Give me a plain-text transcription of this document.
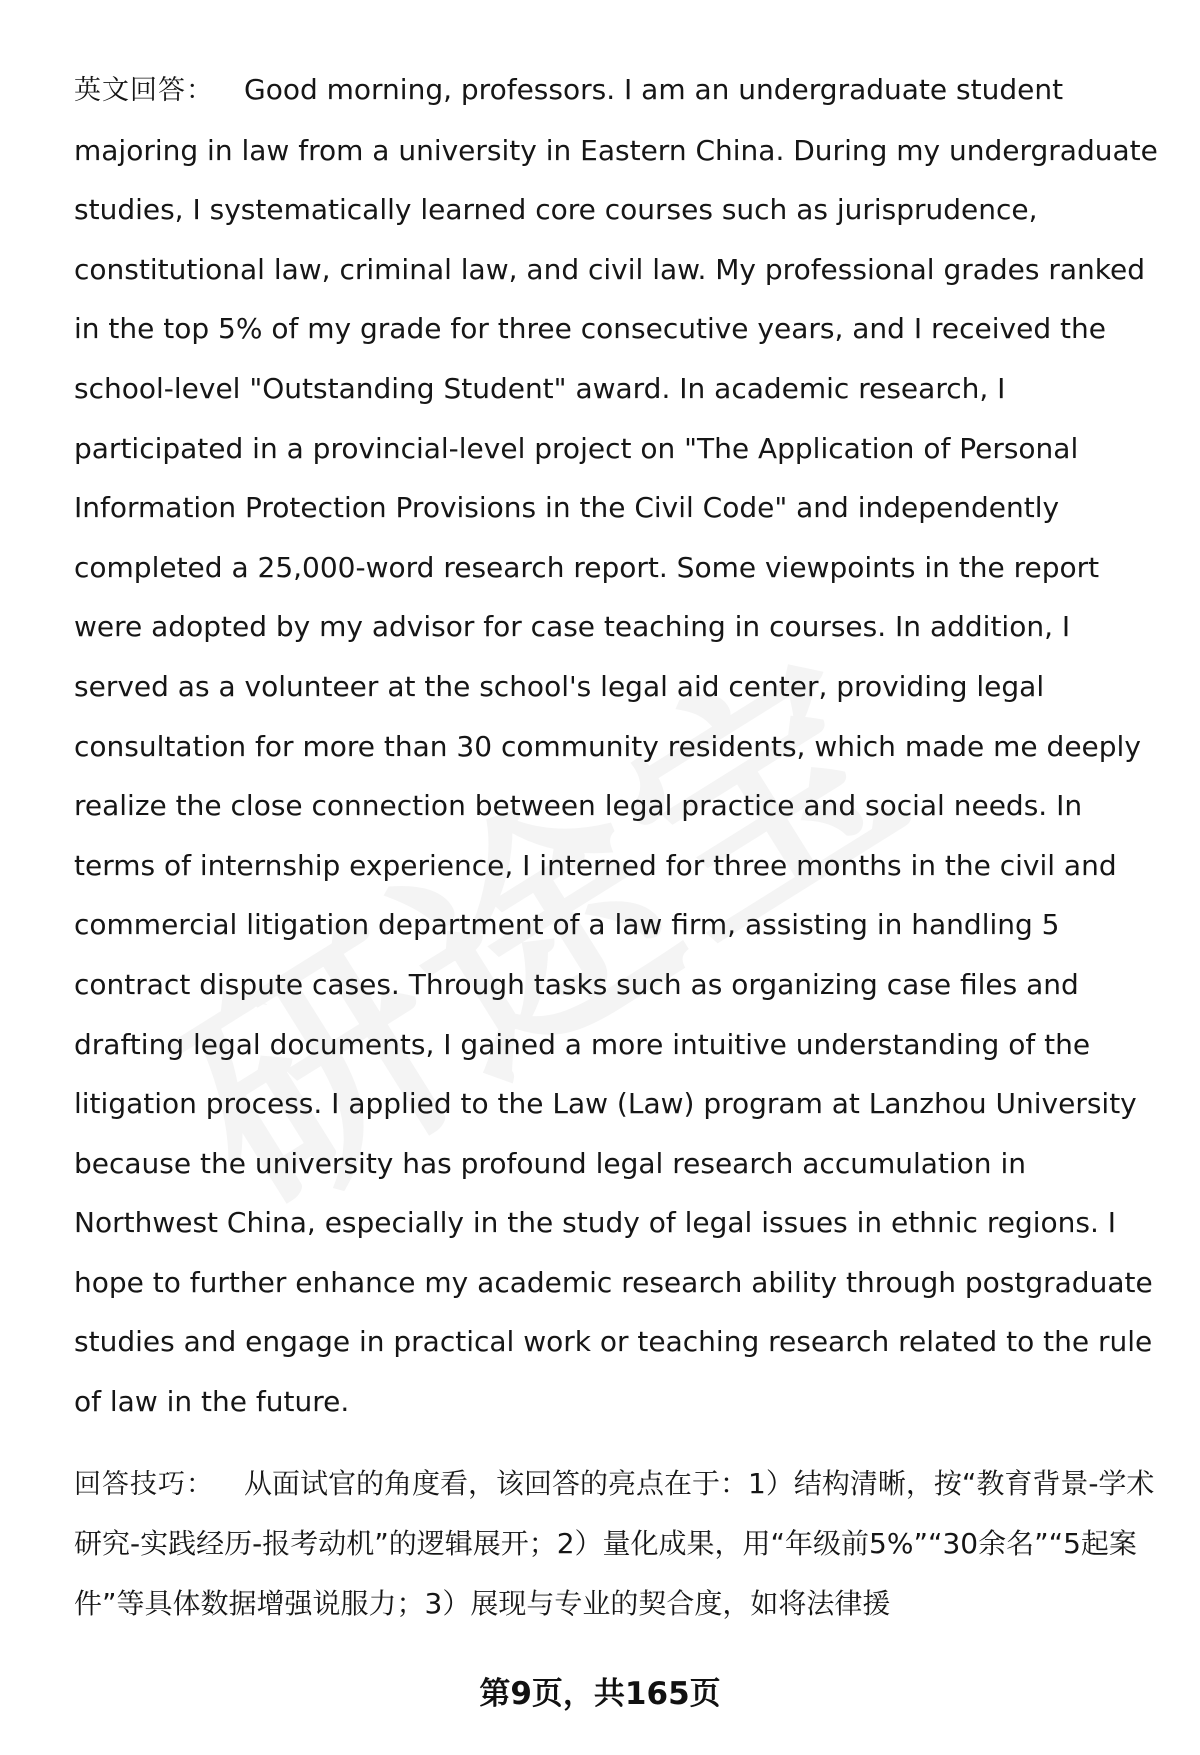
英文回答： Good morning, professors. I am an undergraduate student majoring in law from a university in Eastern China. During my undergraduate studies, I systematically learned core courses such as jurisprudence, constitutional law, criminal law, and civil law. My professional grades ranked in the top 5% of my grade for three consecutive years, and I received the school-level "Outstanding Student" award. In academic research, I participated in a provincial-level project on "The Application of Personal Information Protection Provisions in the Civil Code" and independently completed a 25,000-word research report. Some viewpoints in the report were adopted by my advisor for case teaching in courses. In addition, I served as a volunteer at the school's legal aid center, providing legal consultation for more than 30 community residents, which made me deeply realize the close connection between legal practice and social needs. In terms of internship experience, I interned for three months in the civil and commercial litigation department of a law firm, assisting in handling 5 contract dispute cases. Through tasks such as organizing case files and drafting legal documents, I gained a more intuitive understanding of the litigation process. I applied to the Law (Law) program at Lanzhou University because the university has profound legal research accumulation in Northwest China, especially in the study of legal issues in ethnic regions. I hope to further enhance my academic research ability through postgraduate studies and engage in practical work or teaching research related to the rule of law in the future.

回答技巧： 从面试官的角度看，该回答的亮点在于：1）结构清晰，按“教育背景-学术研究-实践经历-报考动机”的逻辑展开；2）量化成果，用“年级前5%”“30余名”“5起案件”等具体数据增强说服力；3）展现与专业的契合度，如将法律援

第9页，共165页
